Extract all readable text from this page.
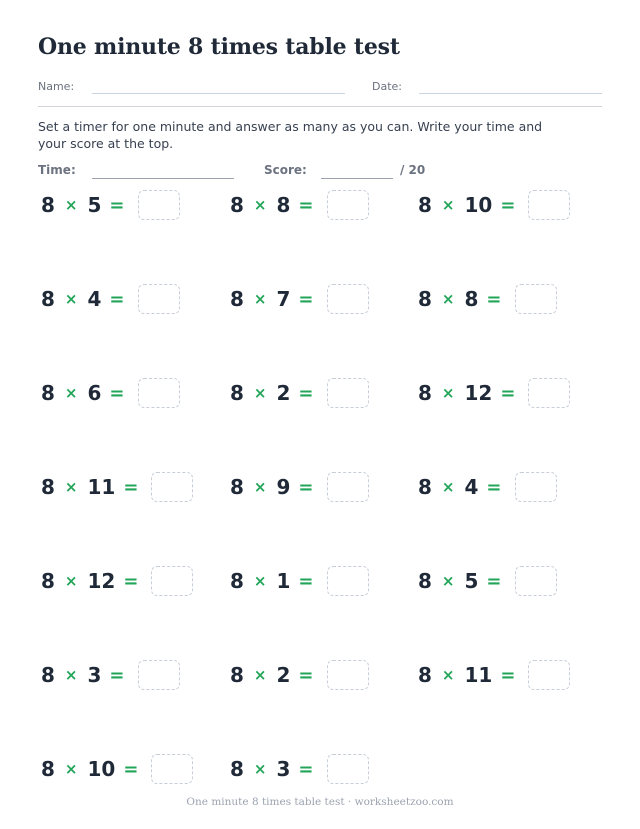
One minute 8 times table test
Name:	Date:
Set a timer for one minute and answer as many as you can. Write your time and your score at the top.
Time:	Score:	/ 20
8 × 5 =	8 × 8 =	8 × 10 =
8 × 4 =	8 × 7 =	8 × 8 =
8 × 6 =	8 × 2 =	8 × 12 =
8 × 11 =	8 × 9 =	8 × 4 =
8 × 12 =	8 × 1 =	8 × 5 =
8 × 3 =	8 × 2 =	8 × 11 =
8 × 10 =	8 × 3 =
One minute 8 times table test · worksheetzoo.com
